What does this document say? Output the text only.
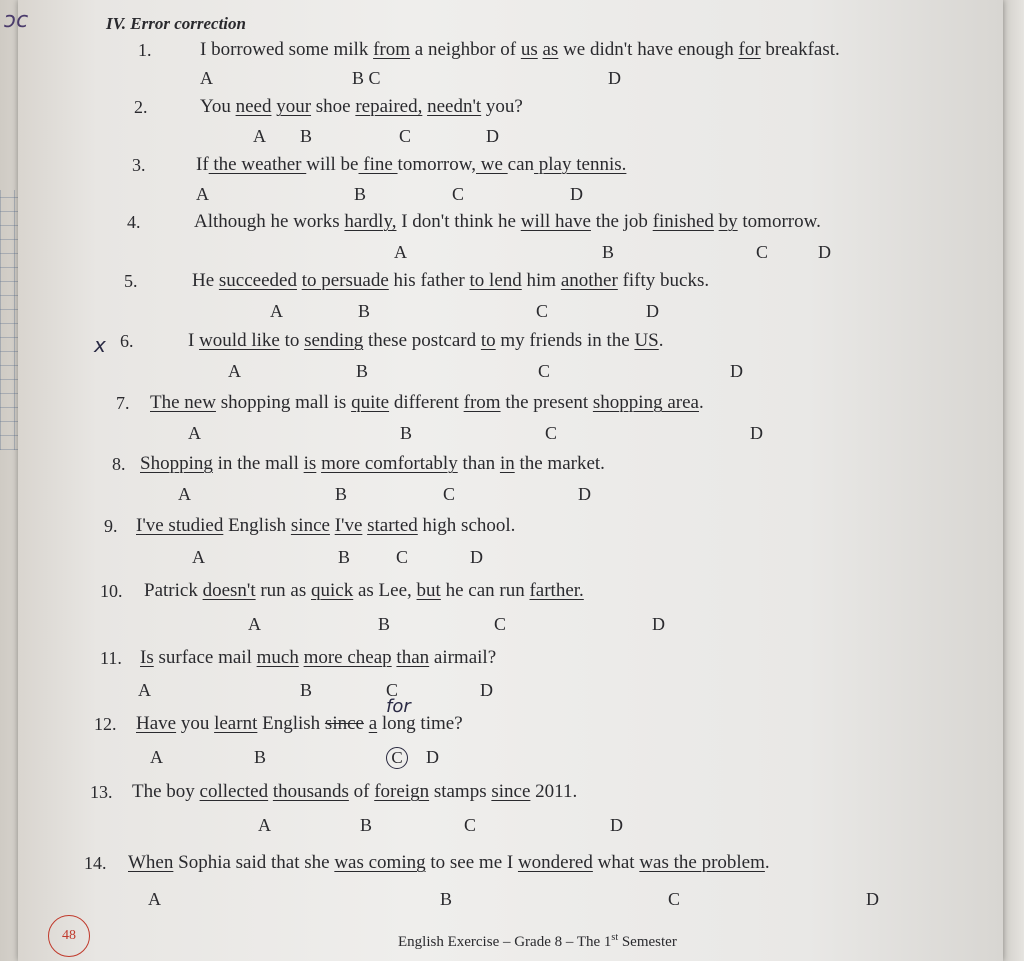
IV. Error correction
ɔc
1.	I borrowed some milk from a neighbor of us as we didn't have enough for breakfast.
A	B C	D
2.	You need your shoe repaired, needn't you?
A B	C	D
3.	If the weather will be fine tomorrow, we can play tennis.
A	B	C	D
4.	Although he works hardly, I don't think he will have the job finished by tomorrow.
A	B	C	D
5.	He succeeded to persuade his father to lend him another fifty bucks.
A	B	C	D
6.	I would like to sending these postcard to my friends in the US.
A	B	C	D
7. The new shopping mall is quite different from the present shopping area.
A	B	C	D
8. Shopping in the mall is more comfortably than in the market.
A	B	C	D
9. I've studied English since I've started high school.
A	B	C	D
10. Patrick doesn't run as quick as Lee, but he can run farther.
A	B	C	D
11. Is surface mail much more cheap than airmail?
A	B	C	D
12. Have you learnt English since a long time?
A	B	C D
13. The boy collected thousands of foreign stamps since 2011.
A	B	C	D
14. When Sophia said that she was coming to see me I wondered what was the problem.
A	B	C	D
x
for
48	English Exercise – Grade 8 – The 1st Semester
